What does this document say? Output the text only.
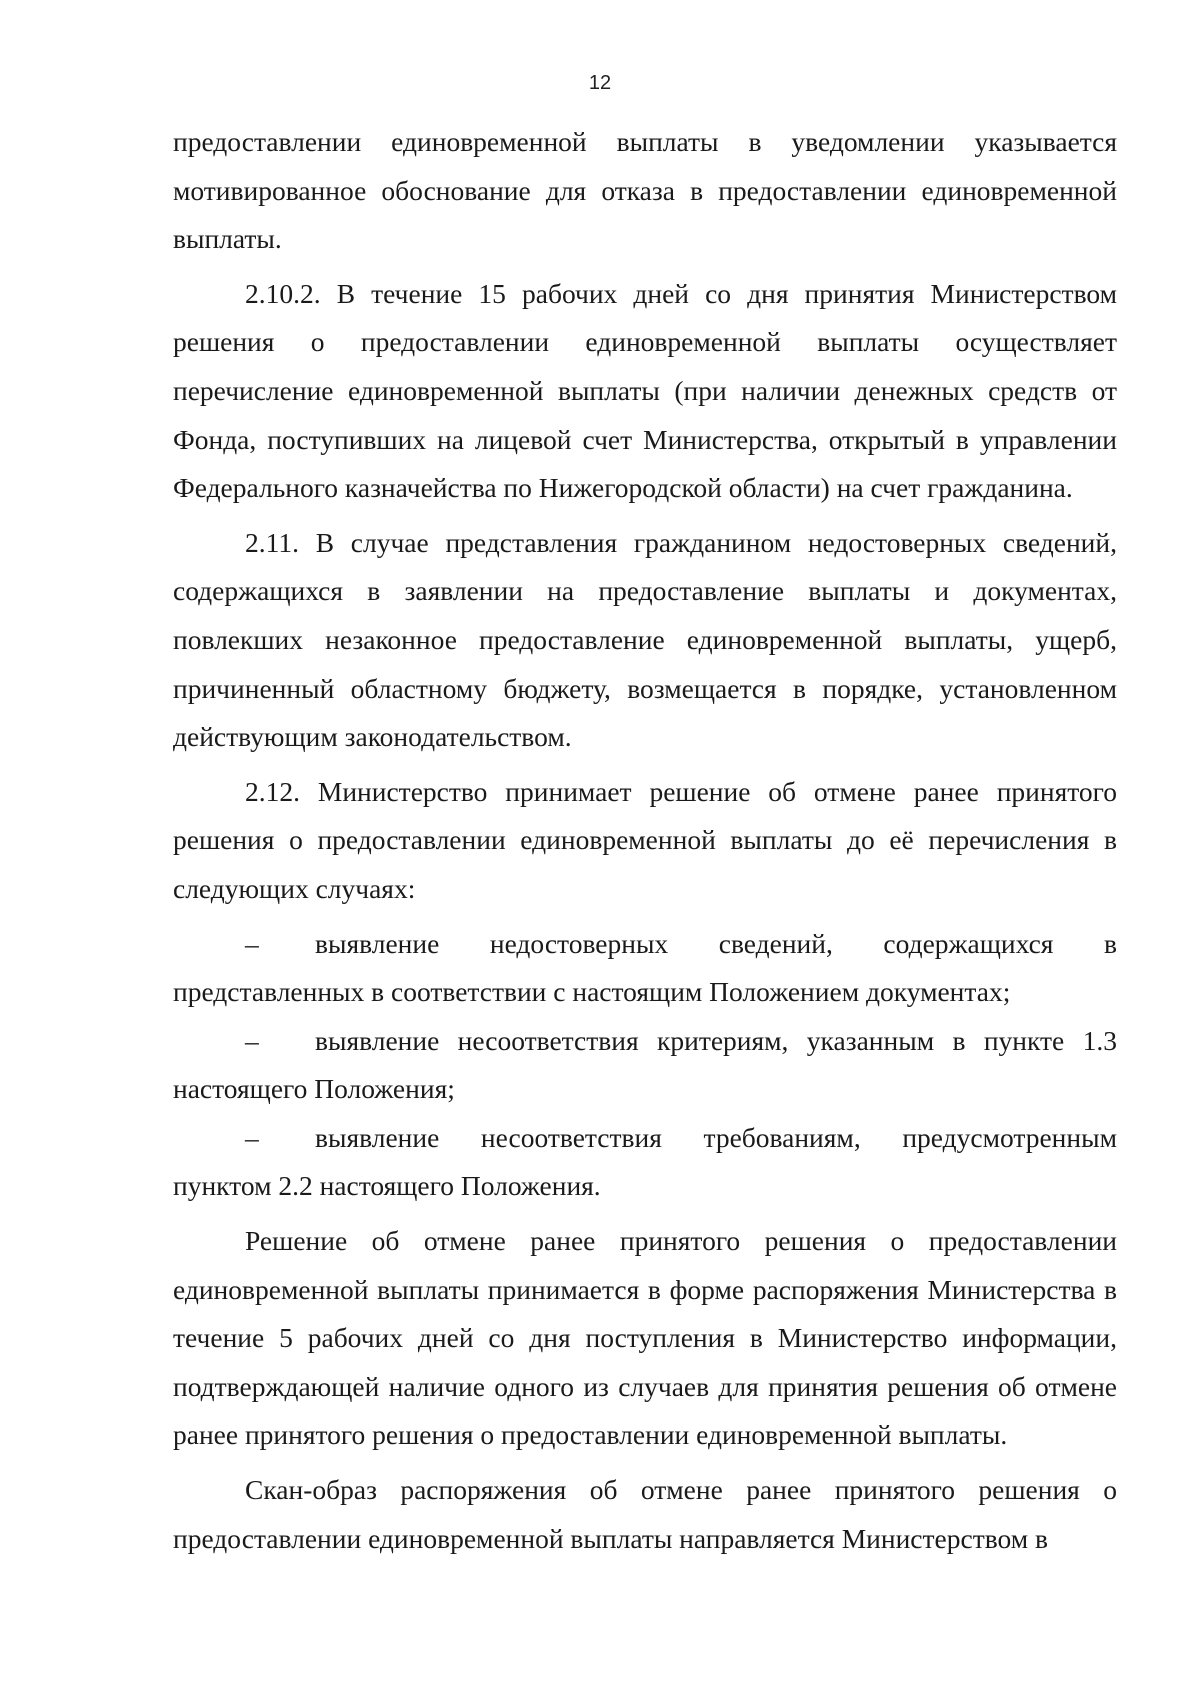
12

предоставлении единовременной выплаты в уведомлении указывается мотивированное обоснование для отказа в предоставлении единовременной выплаты.

2.10.2. В течение 15 рабочих дней со дня принятия Министерством решения о предоставлении единовременной выплаты осуществляет перечисление единовременной выплаты (при наличии денежных средств от Фонда, поступивших на лицевой счет Министерства, открытый в управлении Федерального казначейства по Нижегородской области) на счет гражданина.

2.11. В случае представления гражданином недостоверных сведений, содержащихся в заявлении на предоставление выплаты и документах, повлекших незаконное предоставление единовременной выплаты, ущерб, причиненный областному бюджету, возмещается в порядке, установленном действующим законодательством.

2.12. Министерство принимает решение об отмене ранее принятого решения о предоставлении единовременной выплаты до её перечисления в следующих случаях:

– выявление недостоверных сведений, содержащихся в представленных в соответствии с настоящим Положением документах;

– выявление несоответствия критериям, указанным в пункте 1.3 настоящего Положения;

– выявление несоответствия требованиям, предусмотренным пунктом 2.2 настоящего Положения.

Решение об отмене ранее принятого решения о предоставлении единовременной выплаты принимается в форме распоряжения Министерства в течение 5 рабочих дней со дня поступления в Министерство информации, подтверждающей наличие одного из случаев для принятия решения об отмене ранее принятого решения о предоставлении единовременной выплаты.

Скан-образ распоряжения об отмене ранее принятого решения о предоставлении единовременной выплаты направляется Министерством в
